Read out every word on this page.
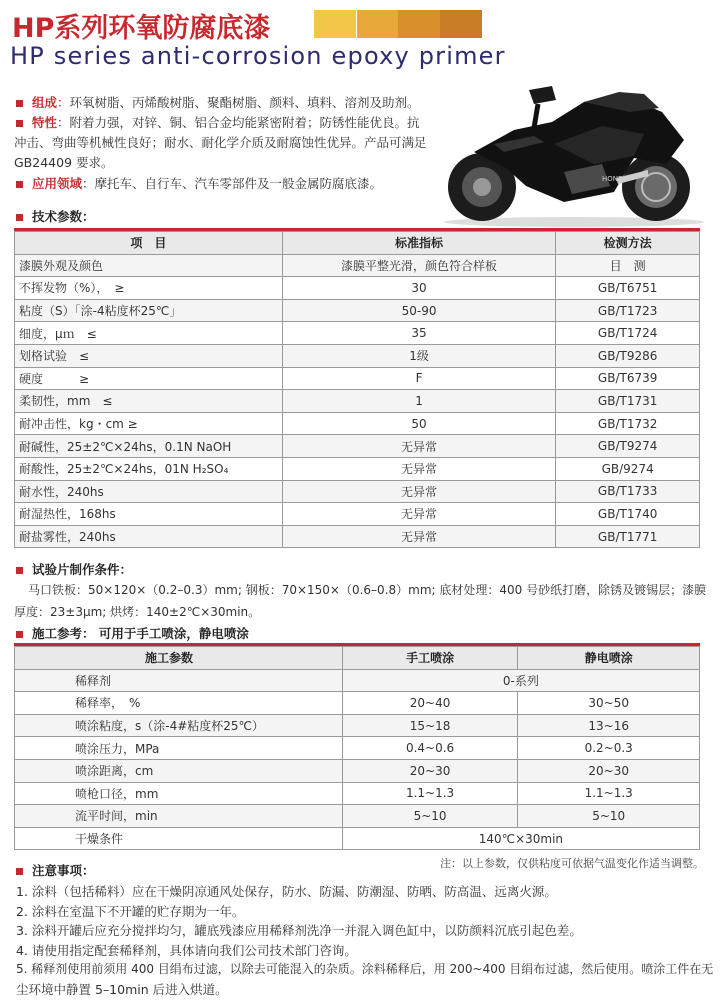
HP系列环氧防腐底漆
HP series anti-corrosion epoxy primer
组成：环氧树脂、丙烯酸树脂、聚酯树脂、颜料、填料、溶剂及助剂。
特性：附着力强，对锌、铜、铝合金均能紧密附着；防锈性能优良。抗
冲击、弯曲等机械性良好；耐水、耐化学介质及耐腐蚀性优异。产品可满足
GB24409 要求。
应用领域：摩托车、自行车、汽车零部件及一般金属防腐底漆。	HONDA
技术参数：
项　目	标准指标	检测方法
漆膜外观及颜色	漆膜平整光滑，颜色符合样板	目　测
不挥发物（%），　≥	30	GB/T6751
粘度（S）「涂-4粘度杯25℃」	50-90	GB/T1723
细度，μｍ　≤	35	GB/T1724
划格试验　≤	1级	GB/T9286
硬度　　　≥	F	GB/T6739
柔韧性，mm　≤	1	GB/T1731
耐冲击性，kg・cm ≥	50	GB/T1732
耐碱性，25±2℃×24hs，0.1N NaOH	无异常	GB/T9274
耐酸性，25±2℃×24hs，01N H₂SO₄	无异常	GB/9274
耐水性，240hs	无异常	GB/T1733
耐湿热性，168hs	无异常	GB/T1740
耐盐雾性，240hs	无异常	GB/T1771
试验片制作条件：
马口铁板：50×120×（0.2–0.3）mm; 钢板：70×150×（0.6–0.8）mm; 底材处理：400 号砂纸打磨，除锈及镀锡层；漆膜
厚度：23±3μm; 烘烤：140±2℃×30min。
施工参考： 可用于手工喷涂，静电喷涂
施工参数	手工喷涂	静电喷涂
稀释剂	0-系列	
稀释率，　%	20~40	30~50
喷涂粘度，s（涂-4#粘度杯25℃）	15~18	13~16
喷涂压力，MPa	0.4~0.6	0.2~0.3
喷涂距离，cm	20~30	20~30
喷枪口径，mm	1.1~1.3	1.1~1.3
流平时间，min	5~10	5~10
干燥条件	140℃×30min	
注：以上参数，仅供粘度可依据气温变化作适当调整。
注意事项：
1. 涂料（包括稀料）应在干燥阴凉通风处保存，防水、防漏、防潮湿、防晒、防高温、远离火源。
2. 涂料在室温下不开罐的贮存期为一年。
3. 涂料开罐后应充分搅拌均匀，罐底残漆应用稀释剂洗净一并混入调色缸中，以防颜料沉底引起色差。
4. 请使用指定配套稀释剂，具体请向我们公司技术部门咨询。
5. 稀释剂使用前须用 400 目绢布过滤，以除去可能混入的杂质。涂料稀释后，用 200~400 目绢布过滤，然后使用。喷涂工件在无
尘环境中静置 5–10min 后进入烘道。
